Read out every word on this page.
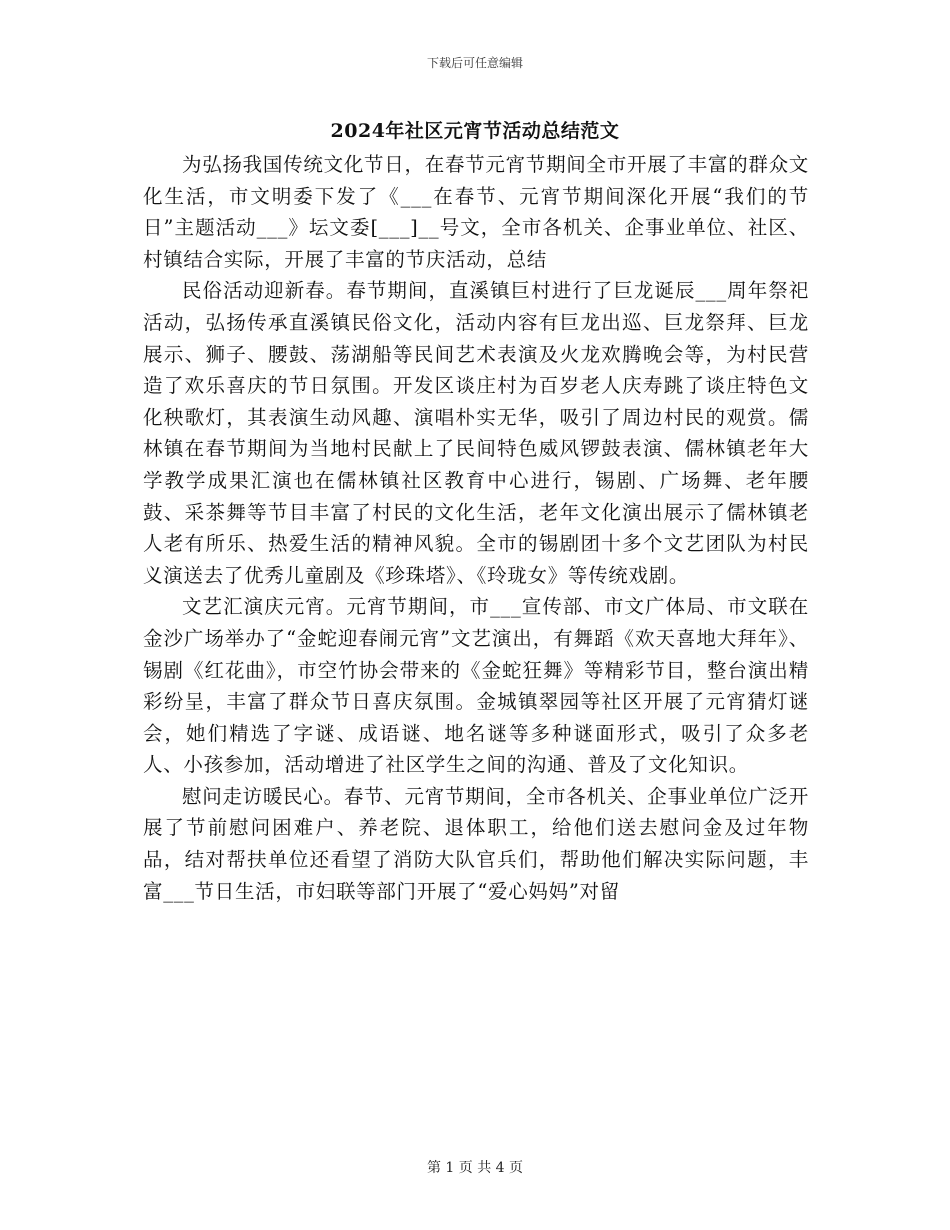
下载后可任意编辑
2024年社区元宵节活动总结范文

为弘扬我国传统文化节日，在春节元宵节期间全市开展了丰富的群众文化生活，市文明委下发了《___在春节、元宵节期间深化开展“我们的节日”主题活动___》坛文委[___]__号文，全市各机关、企事业单位、社区、村镇结合实际，开展了丰富的节庆活动，总结

民俗活动迎新春。春节期间，直溪镇巨村进行了巨龙诞辰___周年祭祀活动，弘扬传承直溪镇民俗文化，活动内容有巨龙出巡、巨龙祭拜、巨龙展示、狮子、腰鼓、荡湖船等民间艺术表演及火龙欢腾晚会等，为村民营造了欢乐喜庆的节日氛围。开发区谈庄村为百岁老人庆寿跳了谈庄特色文化秧歌灯，其表演生动风趣、演唱朴实无华，吸引了周边村民的观赏。儒林镇在春节期间为当地村民献上了民间特色威风锣鼓表演、儒林镇老年大学教学成果汇演也在儒林镇社区教育中心进行，锡剧、广场舞、老年腰鼓、采茶舞等节目丰富了村民的文化生活，老年文化演出展示了儒林镇老人老有所乐、热爱生活的精神风貌。全市的锡剧团十多个文艺团队为村民义演送去了优秀儿童剧及《珍珠塔》、《玲珑女》等传统戏剧。

文艺汇演庆元宵。元宵节期间，市___宣传部、市文广体局、市文联在金沙广场举办了“金蛇迎春闹元宵”文艺演出，有舞蹈《欢天喜地大拜年》、锡剧《红花曲》，市空竹协会带来的《金蛇狂舞》等精彩节目，整台演出精彩纷呈，丰富了群众节日喜庆氛围。金城镇翠园等社区开展了元宵猜灯谜会，她们精选了字谜、成语谜、地名谜等多种谜面形式，吸引了众多老人、小孩参加，活动增进了社区学生之间的沟通、普及了文化知识。

慰问走访暖民心。春节、元宵节期间，全市各机关、企事业单位广泛开展了节前慰问困难户、养老院、退体职工，给他们送去慰问金及过年物品，结对帮扶单位还看望了消防大队官兵们，帮助他们解决实际问题，丰富___节日生活，市妇联等部门开展了“爱心妈妈”对留

第 1 页 共 4 页
